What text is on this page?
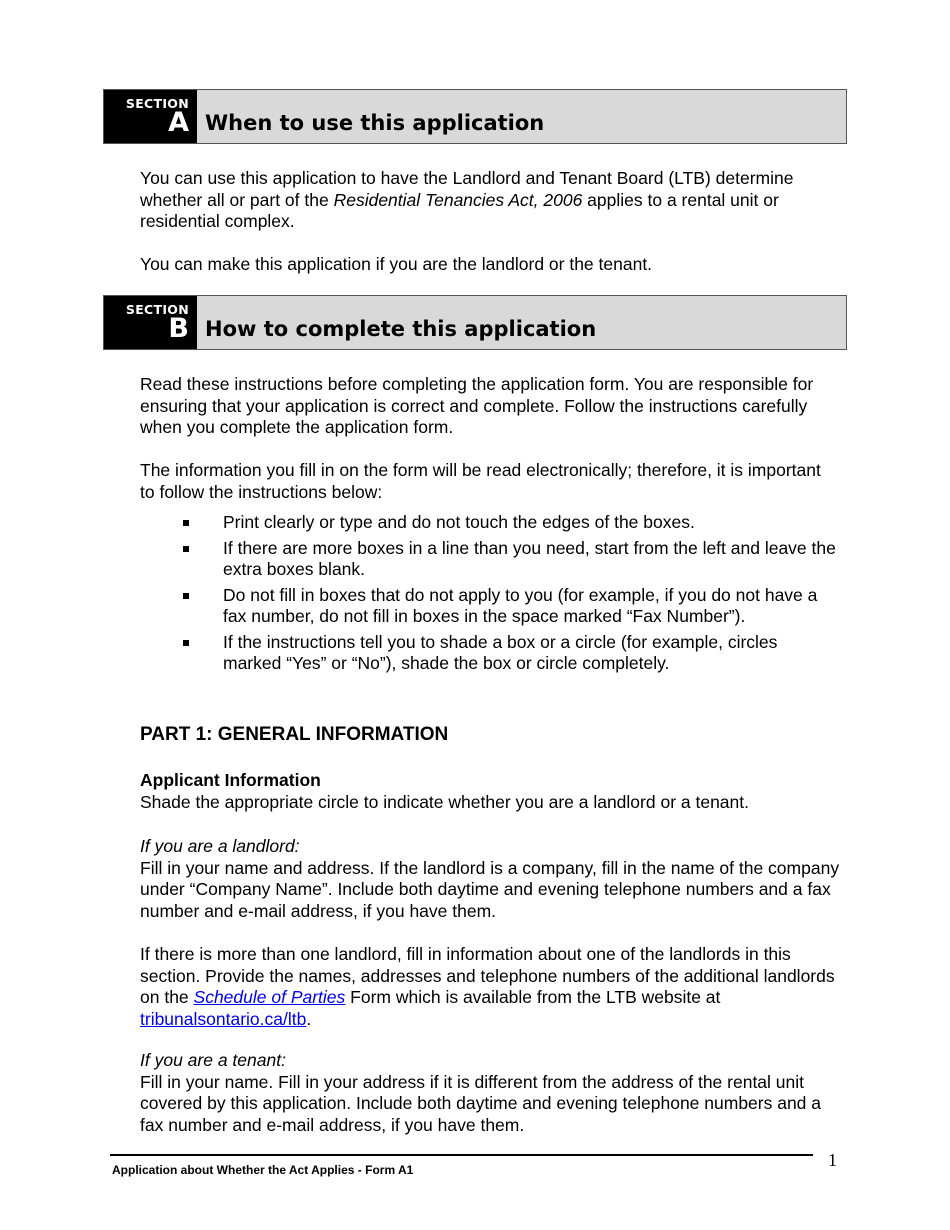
SECTION
A When to use this application

You can use this application to have the Landlord and Tenant Board (LTB) determine whether all or part of the Residential Tenancies Act, 2006 applies to a rental unit or residential complex.

You can make this application if you are the landlord or the tenant.

SECTION
B How to complete this application

Read these instructions before completing the application form. You are responsible for ensuring that your application is correct and complete. Follow the instructions carefully when you complete the application form.

The information you fill in on the form will be read electronically; therefore, it is important to follow the instructions below:

Print clearly or type and do not touch the edges of the boxes.
If there are more boxes in a line than you need, start from the left and leave the extra boxes blank.
Do not fill in boxes that do not apply to you (for example, if you do not have a fax number, do not fill in boxes in the space marked “Fax Number”).
If the instructions tell you to shade a box or a circle (for example, circles marked “Yes” or “No”), shade the box or circle completely.
PART 1: GENERAL INFORMATION

Applicant Information
Shade the appropriate circle to indicate whether you are a landlord or a tenant.

If you are a landlord:
Fill in your name and address. If the landlord is a company, fill in the name of the company under “Company Name”. Include both daytime and evening telephone numbers and a fax number and e-mail address, if you have them.

If there is more than one landlord, fill in information about one of the landlords in this section. Provide the names, addresses and telephone numbers of the additional landlords on the Schedule of Parties Form which is available from the LTB website at tribunalsontario.ca/ltb.

If you are a tenant:
Fill in your name. Fill in your address if it is different from the address of the rental unit covered by this application. Include both daytime and evening telephone numbers and a fax number and e-mail address, if you have them.

Application about Whether the Act Applies - Form A1	1
